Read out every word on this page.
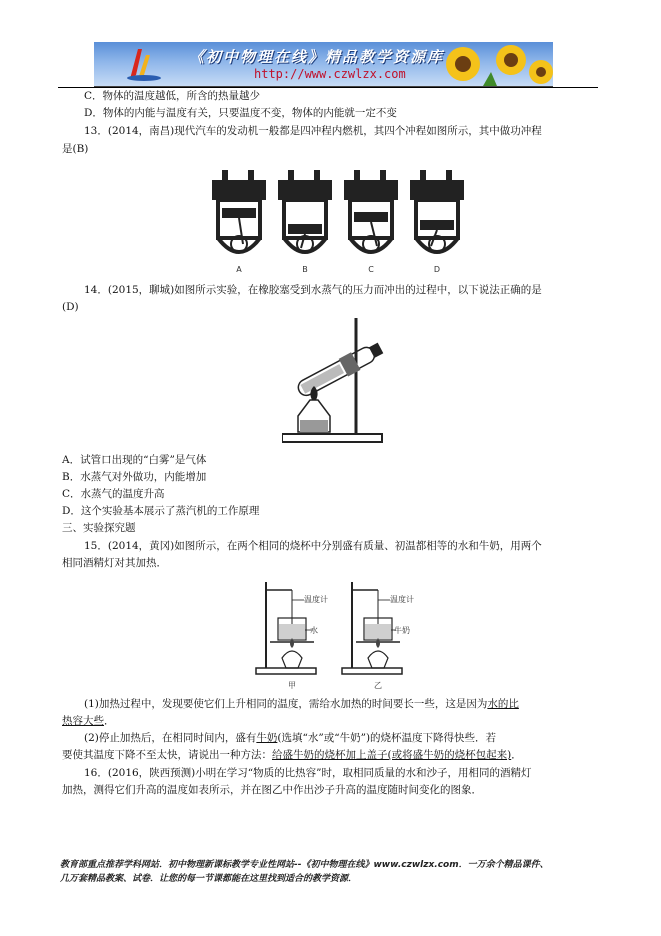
《初中物理在线》精品教学资源库
http://www.czwlzx.com
C．物体的温度越低，所含的热量越少
D．物体的内能与温度有关，只要温度不变，物体的内能就一定不变
13．(2014，南昌)现代汽车的发动机一般都是四冲程内燃机，其四个冲程如图所示，其中做功冲程
是(B)
A	B	C	D
14．(2015，聊城)如图所示实验，在橡胶塞受到水蒸气的压力而冲出的过程中，以下说法正确的是
(D)
A．试管口出现的“白雾”是气体
B．水蒸气对外做功，内能增加
C．水蒸气的温度升高
D．这个实验基本展示了蒸汽机的工作原理
三、实验探究题
15．(2014，黄冈)如图所示，在两个相同的烧杯中分别盛有质量、初温都相等的水和牛奶，用两个
相同酒精灯对其加热．
温度计
水
甲
温度计
牛奶
乙
(1)加热过程中，发现要使它们上升相同的温度，需给水加热的时间要长一些，这是因为水的比
热容大些．
(2)停止加热后，在相同时间内，盛有牛奶(选填“水”或“牛奶”)的烧杯温度下降得快些．若
要使其温度下降不至太快，请说出一种方法：给盛牛奶的烧杯加上盖子(或将盛牛奶的烧杯包起来)．
16．(2016，陕西预测)小明在学习“物质的比热容”时，取相同质量的水和沙子，用相同的酒精灯
加热，测得它们升高的温度如表所示，并在图乙中作出沙子升高的温度随时间变化的图象．
教育部重点推荐学科网站．初中物理新课标教学专业性网站--《初中物理在线》www.czwlzx.com．一万余个精品课件、
几万套精品教案、试卷．让您的每一节课都能在这里找到适合的教学资源．
